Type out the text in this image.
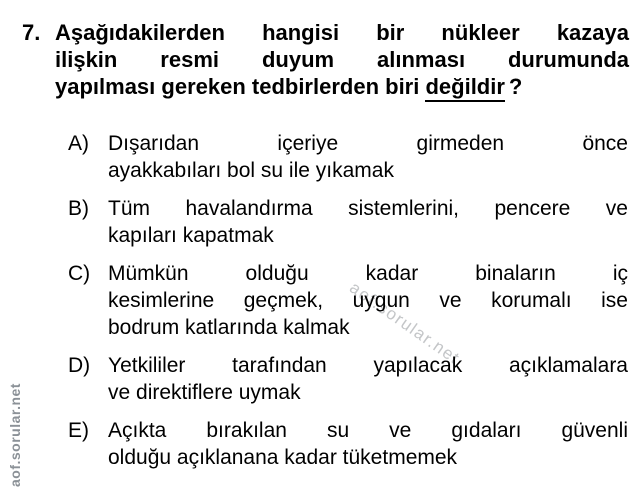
aof.sorular.net
aof.sorular.net
7. Aşağıdakilerden hangisi bir nükleer kazaya
ilişkin resmi duyum alınması durumunda
yapılması gereken tedbirlerden biri değildir ?
A) Dışarıdan içeriye girmeden önce
ayakkabıları bol su ile yıkamak
B) Tüm havalandırma sistemlerini, pencere ve
kapıları kapatmak
C) Mümkün olduğu kadar binaların iç
kesimlerine geçmek, uygun ve korumalı ise
bodrum katlarında kalmak
D) Yetkililer tarafından yapılacak açıklamalara
ve direktiflere uymak
E) Açıkta bırakılan su ve gıdaları güvenli
olduğu açıklanana kadar tüketmemek
